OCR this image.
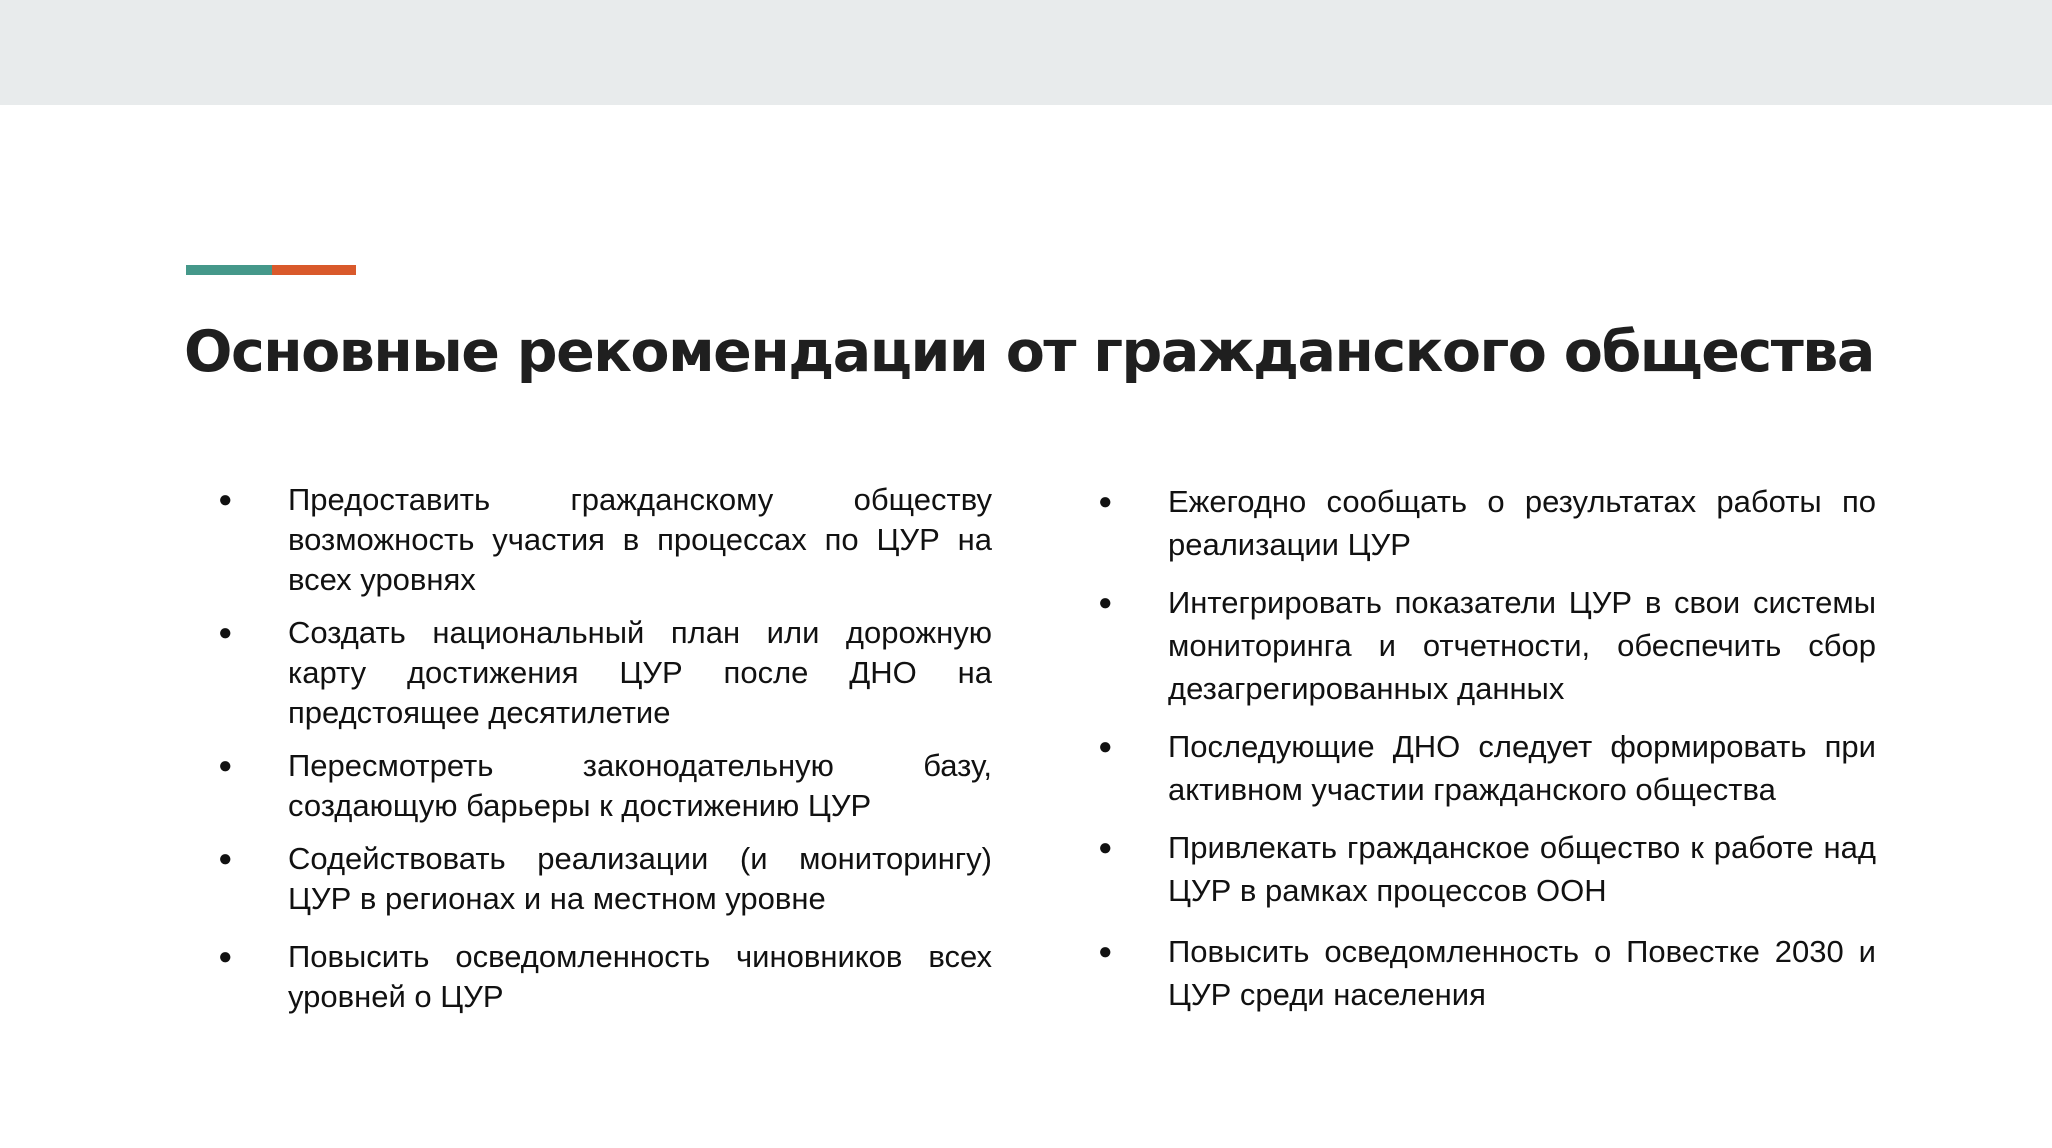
Основные рекомендации от гражданского общества
● Предоставить гражданскому обществу возможность участия в процессах по ЦУР на всех уровнях
● Создать национальный план или дорожную карту достижения ЦУР после ДНО на предстоящее десятилетие
● Пересмотреть законодательную базу, создающую барьеры к достижению ЦУР
● Содействовать реализации (и мониторингу) ЦУР в регионах и на местном уровне
● Повысить осведомленность чиновников всех уровней о ЦУР
● Ежегодно сообщать о результатах работы по реализации ЦУР
● Интегрировать показатели ЦУР в свои системы мониторинга и отчетности, обеспечить сбор дезагрегированных данных
● Последующие ДНО следует формировать при активном участии гражданского общества
● Привлекать гражданское общество к работе над ЦУР в рамках процессов ООН
● Повысить осведомленность о Повестке 2030 и ЦУР среди населения
